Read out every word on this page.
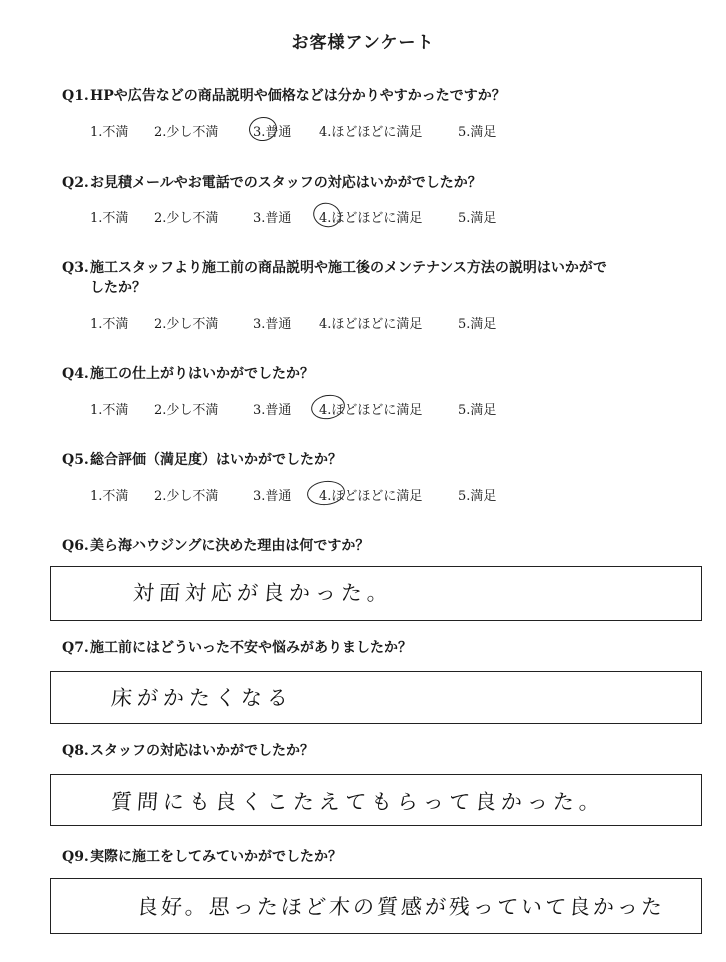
お客様アンケート
Q1.HPや広告などの商品説明や価格などは分かりやすかったですか？
1.不満 2.少し不満	3.普通 4.ほどほどに満足	5.満足
Q2.お見積メールやお電話でのスタッフの対応はいかがでしたか？
1.不満 2.少し不満	3.普通 4.ほどほどに満足	5.満足
Q3.施工スタッフより施工前の商品説明や施工後のメンテナンス方法の説明はいかがでしたか？
1.不満 2.少し不満	3.普通 4.ほどほどに満足	5.満足
Q4.施工の仕上がりはいかがでしたか？
1.不満 2.少し不満	3.普通 4.ほどほどに満足	5.満足
Q5.総合評価（満足度）はいかがでしたか？
1.不満 2.少し不満	3.普通 4.ほどほどに満足	5.満足
Q6.美ら海ハウジングに決めた理由は何ですか？
対面対応が良かった。
Q7.施工前にはどういった不安や悩みがありましたか？
床がかたくなる
Q8.スタッフの対応はいかがでしたか？
質問にも良くこたえてもらって良かった。
Q9.実際に施工をしてみていかがでしたか？
良好。思ったほど木の質感が残っていて良かった
